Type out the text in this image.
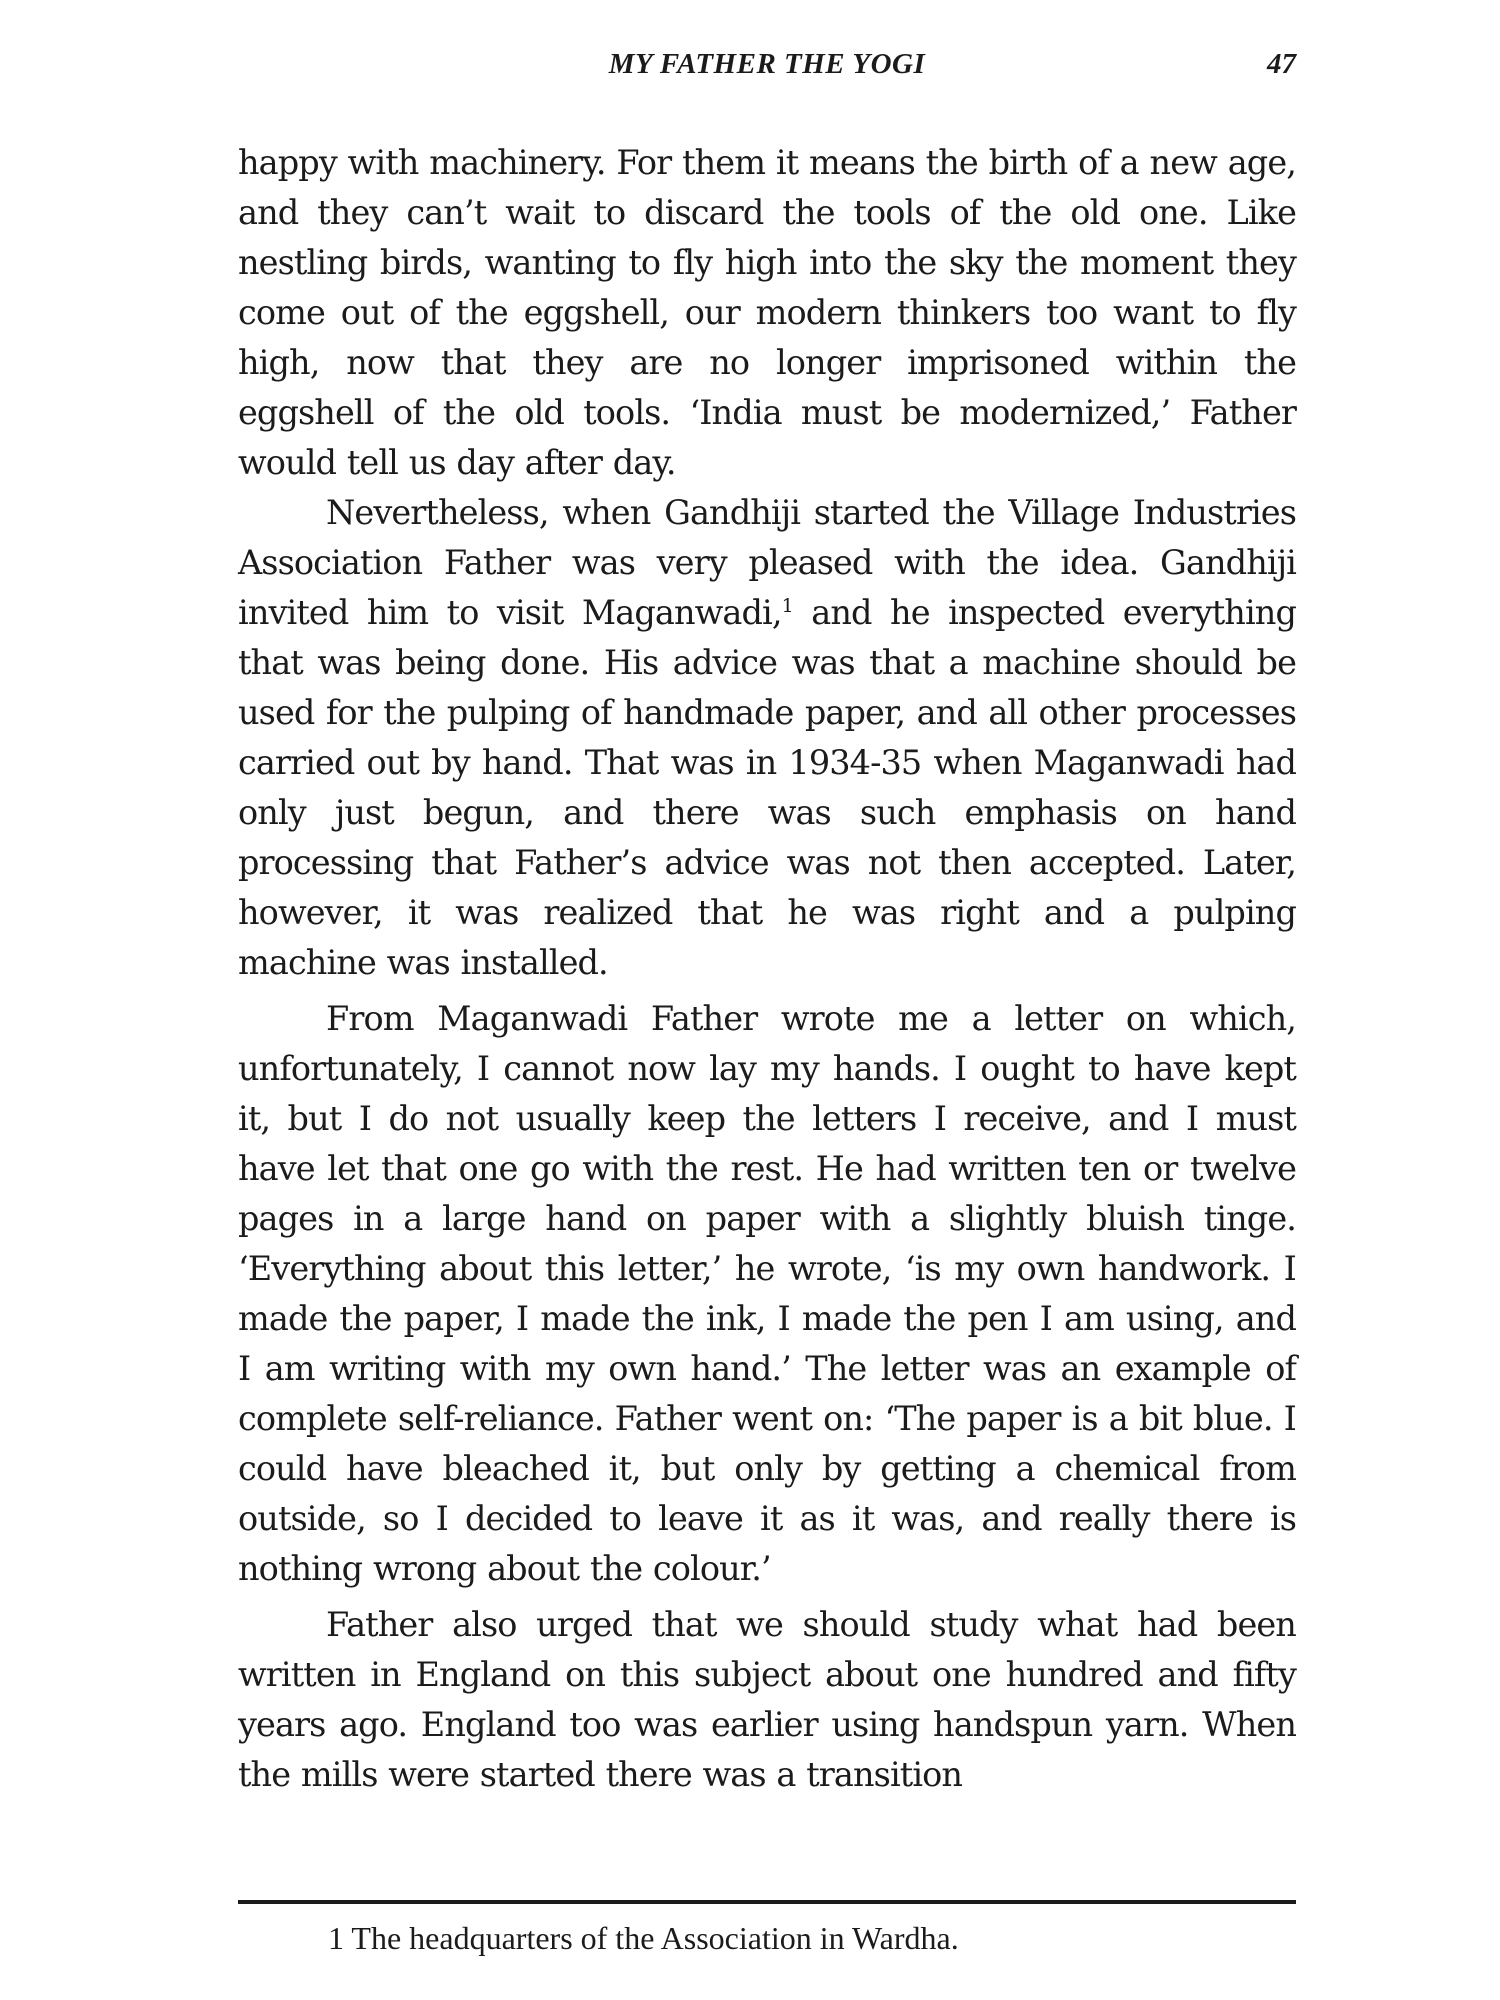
MY FATHER THE YOGI	47

happy with machinery. For them it means the birth of a new age, and they can’t wait to discard the tools of the old one. Like nestling birds, wanting to fly high into the sky the moment they come out of the eggshell, our modern thinkers too want to fly high, now that they are no longer imprisoned within the eggshell of the old tools. ‘India must be modernized,’ Father would tell us day after day.

Nevertheless, when Gandhiji started the Village Industries Association Father was very pleased with the idea. Gandhiji invited him to visit Maganwadi,$^1$ and he inspected everything that was being done. His advice was that a machine should be used for the pulping of handmade paper, and all other processes carried out by hand. That was in 1934-35 when Maganwadi had only just begun, and there was such emphasis on hand processing that Father’s advice was not then accepted. Later, however, it was realized that he was right and a pulping machine was installed.

From Maganwadi Father wrote me a letter on which, unfortunately, I cannot now lay my hands. I ought to have kept it, but I do not usually keep the letters I receive, and I must have let that one go with the rest. He had written ten or twelve pages in a large hand on paper with a slightly bluish tinge. ‘Everything about this letter,’ he wrote, ‘is my own handwork. I made the paper, I made the ink, I made the pen I am using, and I am writing with my own hand.’ The letter was an example of complete self-reliance. Father went on: ‘The paper is a bit blue. I could have bleached it, but only by getting a chemical from outside, so I decided to leave it as it was, and really there is nothing wrong about the colour.’

Father also urged that we should study what had been written in England on this subject about one hundred and fifty years ago. England too was earlier using handspun yarn. When the mills were started there was a transition

1 The headquarters of the Association in Wardha.
